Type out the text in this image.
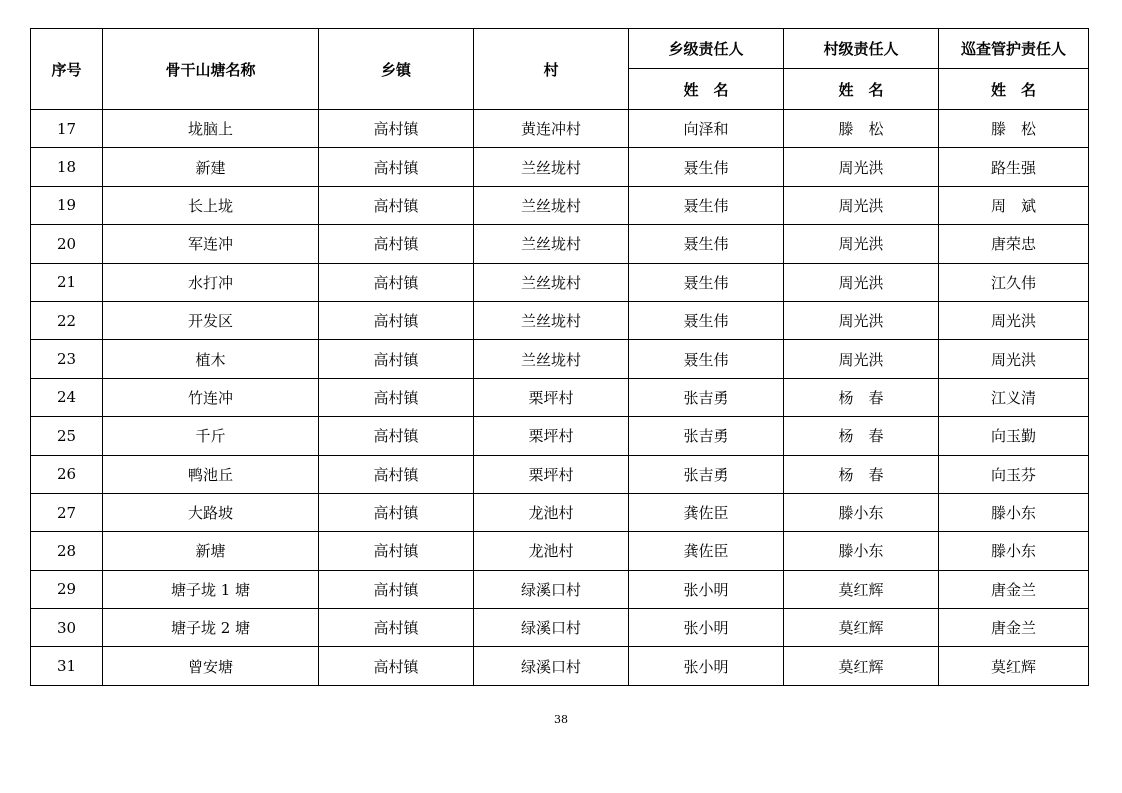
序号	骨干山塘名称	乡镇	村	乡级责任人	村级责任人	巡查管护责任人
				姓　名	姓　名	姓　名
17	垅脑上	高村镇	黄连冲村	向泽和	滕　松	滕　松
18	新建	高村镇	兰丝垅村	聂生伟	周光洪	路生强
19	长上垅	高村镇	兰丝垅村	聂生伟	周光洪	周　斌
20	军连冲	高村镇	兰丝垅村	聂生伟	周光洪	唐荣忠
21	水打冲	高村镇	兰丝垅村	聂生伟	周光洪	江久伟
22	开发区	高村镇	兰丝垅村	聂生伟	周光洪	周光洪
23	植木	高村镇	兰丝垅村	聂生伟	周光洪	周光洪
24	竹连冲	高村镇	栗坪村	张吉勇	杨　春	江义清
25	千斤	高村镇	栗坪村	张吉勇	杨　春	向玉勤
26	鸭池丘	高村镇	栗坪村	张吉勇	杨　春	向玉芬
27	大路坡	高村镇	龙池村	龚佐臣	滕小东	滕小东
28	新塘	高村镇	龙池村	龚佐臣	滕小东	滕小东
29	塘子垅 1 塘	高村镇	绿溪口村	张小明	莫红辉	唐金兰
30	塘子垅 2 塘	高村镇	绿溪口村	张小明	莫红辉	唐金兰
31	曾安塘	高村镇	绿溪口村	张小明	莫红辉	莫红辉
38
